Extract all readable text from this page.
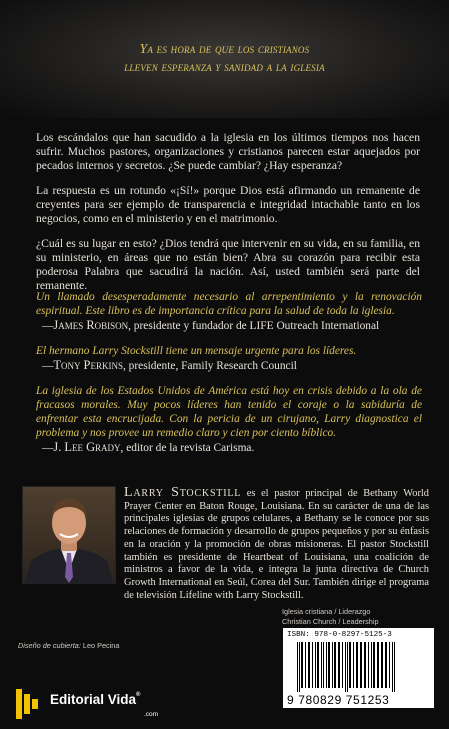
Ya es hora de que los cristianos
lleven esperanza y sanidad a la iglesia

Los escándalos que han sacudido a la iglesia en los últimos tiempos nos hacen sufrir. Muchos pastores, organizaciones y cristianos parecen estar aquejados por pecados internos y secretos. ¿Se puede cambiar? ¿Hay esperanza?

La respuesta es un rotundo «¡Sí!» porque Dios está afirmando un remanente de creyentes para ser ejemplo de transparencia e integridad intachable tanto en los negocios, como en el ministerio y en el matrimonio.

¿Cuál es su lugar en esto? ¿Dios tendrá que intervenir en su vida, en su familia, en su ministerio, en áreas que no están bien? Abra su corazón para recibir esta poderosa Palabra que sacudirá la nación. Así, usted también será parte del remanente.

Un llamado desesperadamente necesario al arrepentimiento y la renovación espiritual. Este libro es de importancia crítica para la salud de toda la iglesia.

—James Robison, presidente y fundador de LIFE Outreach International

El hermano Larry Stockstill tiene un mensaje urgente para los líderes.

—Tony Perkins, presidente, Family Research Council

La iglesia de los Estados Unidos de América está hoy en crisis debido a la ola de fracasos morales. Muy pocos líderes han tenido el coraje o la sabiduría de enfrentar esta encrucijada. Con la pericia de un cirujano, Larry diagnostica el problema y nos provee un remedio claro y cien por ciento bíblico.

—J. Lee Grady, editor de la revista Carisma.

Larry Stockstill es el pastor principal de Bethany World Prayer Center en Baton Rouge, Louisiana. En su carácter de una de las principales iglesias de grupos celulares, a Bethany se le conoce por sus relaciones de formación y desarrollo de grupos pequeños y por su énfasis en la oración y la promoción de obras misioneras. El pastor Stockstill también es presidente de Heartbeat of Louisiana, una coalición de ministros a favor de la vida, e integra la junta directiva de Church Growth International en Seúl, Corea del Sur. También dirige el programa de televisión Lifeline with Larry Stockstill.

Iglesia cristiana / Liderazgo
Christian Church / Leadership
Diseño de cubierta: Leo Pecina
ISBN: 978-0-8297-5125-3
9 780829 751253
Editorial Vida®
.com
